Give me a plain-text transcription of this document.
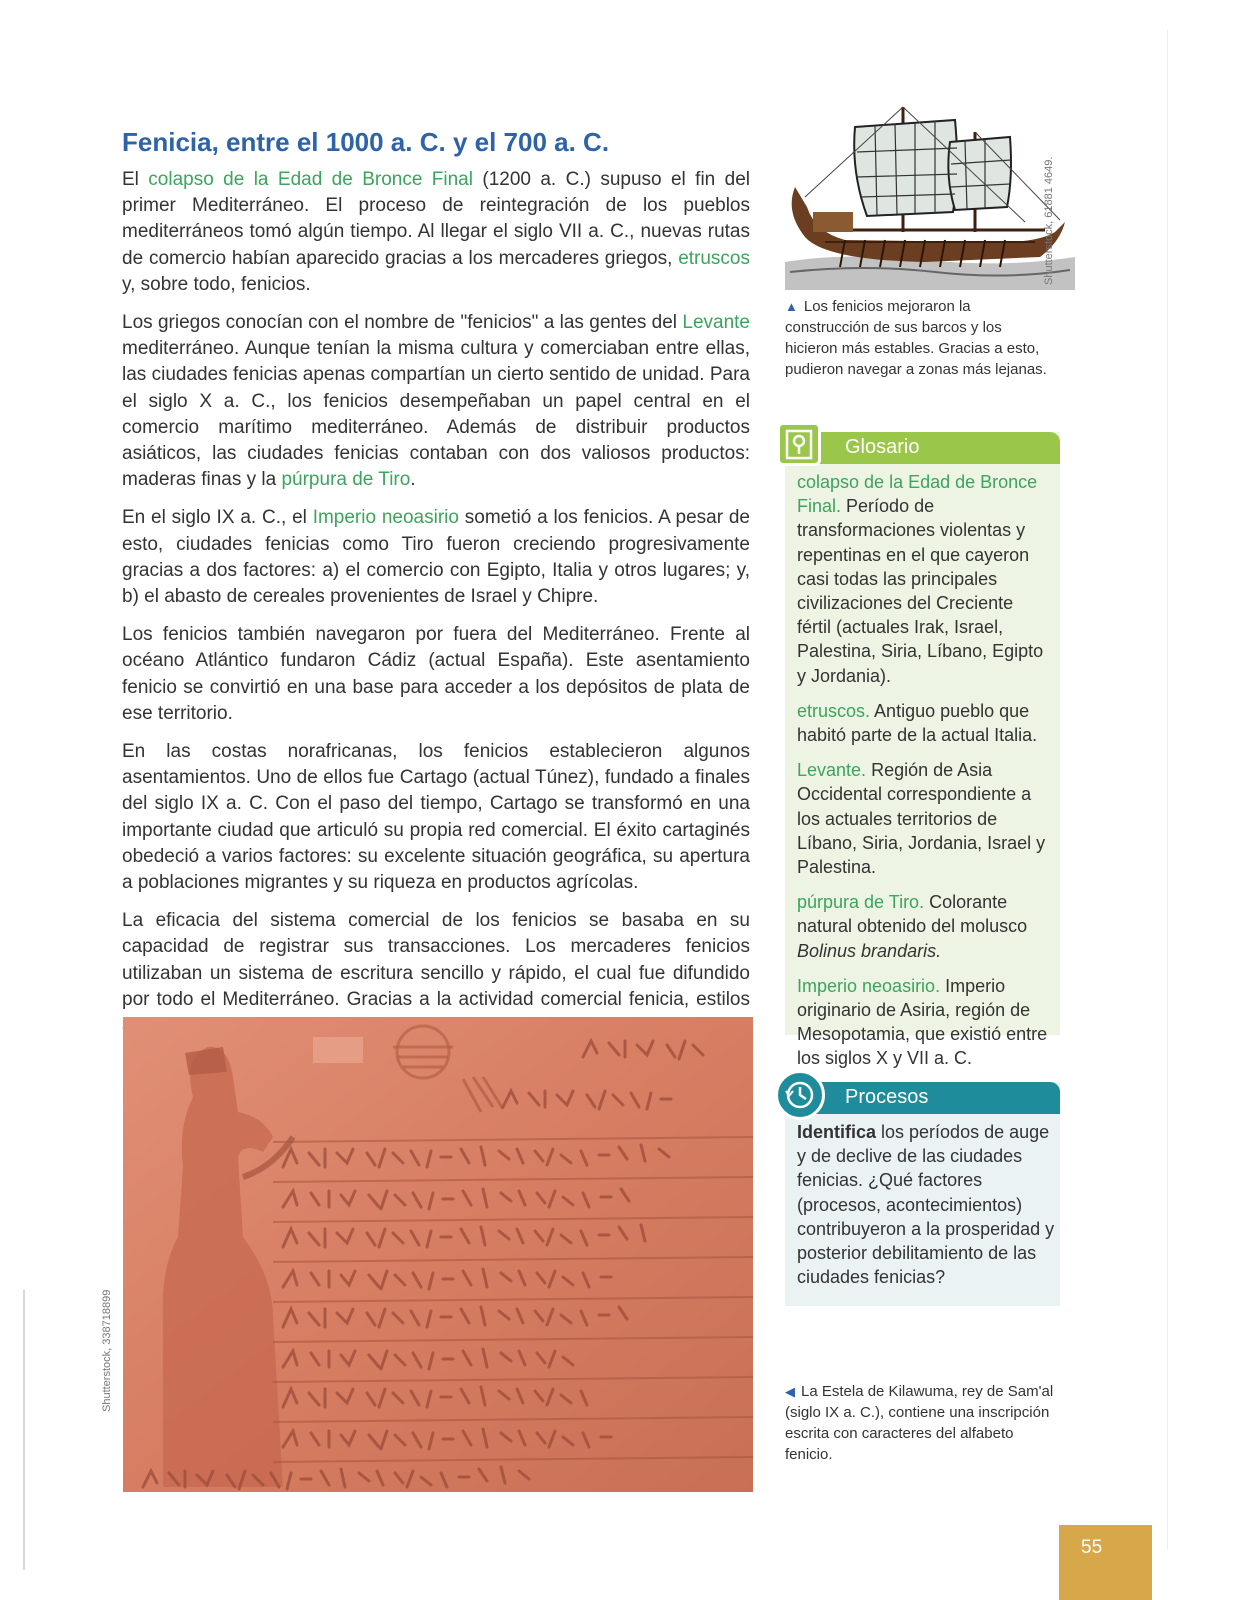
Fenicia, entre el 1000 a. C. y el 700 a. C.

El colapso de la Edad de Bronce Final (1200 a. C.) supuso el fin del primer Mediterráneo. El proceso de reintegración de los pueblos mediterráneos tomó algún tiempo. Al llegar el siglo VII a. C., nuevas rutas de comercio habían aparecido gracias a los mercaderes griegos, etruscos y, sobre todo, fenicios.

Los griegos conocían con el nombre de "fenicios" a las gentes del Levante mediterráneo. Aunque tenían la misma cultura y comerciaban entre ellas, las ciudades fenicias apenas compartían un cierto sentido de unidad. Para el siglo X a. C., los fenicios desempeñaban un papel central en el comercio marítimo mediterráneo. Además de distribuir productos asiáticos, las ciudades fenicias contaban con dos valiosos productos: maderas finas y la púrpura de Tiro.

En el siglo IX a. C., el Imperio neoasirio sometió a los fenicios. A pesar de esto, ciudades fenicias como Tiro fueron creciendo progresivamente gracias a dos factores: a) el comercio con Egipto, Italia y otros lugares; y, b) el abasto de cereales provenientes de Israel y Chipre.

Los fenicios también navegaron por fuera del Mediterráneo. Frente al océano Atlántico fundaron Cádiz (actual España). Este asentamiento fenicio se convirtió en una base para acceder a los depósitos de plata de ese territorio.

En las costas norafricanas, los fenicios establecieron algunos asentamientos. Uno de ellos fue Cartago (actual Túnez), fundado a finales del siglo IX a. C. Con el paso del tiempo, Cartago se transformó en una importante ciudad que articuló su propia red comercial. El éxito cartaginés obedeció a varios factores: su excelente situación geográfica, su apertura a poblaciones migrantes y su riqueza en productos agrícolas.

La eficacia del sistema comercial de los fenicios se basaba en su capacidad de registrar sus transacciones. Los mercaderes fenicios utilizaban un sistema de escritura sencillo y rápido, el cual fue difundido por todo el Mediterráneo. Gracias a la actividad comercial fenicia, estilos

Shutterstock, 338718899
Shutterstock, 61881 4649.
▲ Los fenicios mejoraron la construcción de sus barcos y los hicieron más estables. Gracias a esto, pudieron navegar a zonas más lejanas.
Glosario

colapso de la Edad de Bronce Final. Período de transformaciones violentas y repentinas en el que cayeron casi todas las principales civilizaciones del Creciente fértil (actuales Irak, Israel, Palestina, Siria, Líbano, Egipto y Jordania).

etruscos. Antiguo pueblo que habitó parte de la actual Italia.

Levante. Región de Asia Occidental correspondiente a los actuales territorios de Líbano, Siria, Jordania, Israel y Palestina.

púrpura de Tiro. Colorante natural obtenido del molusco Bolinus brandaris.

Imperio neoasirio. Imperio originario de Asiria, región de Mesopotamia, que existió entre los siglos X y VII a. C.

Procesos
Identifica los períodos de auge y de declive de las ciudades fenicias. ¿Qué factores (procesos, acontecimientos) contribuyeron a la prosperidad y posterior debilitamiento de las ciudades fenicias?
◀ La Estela de Kilawuma, rey de Sam'al (siglo IX a. C.), contiene una inscripción escrita con caracteres del alfabeto fenicio.
55
